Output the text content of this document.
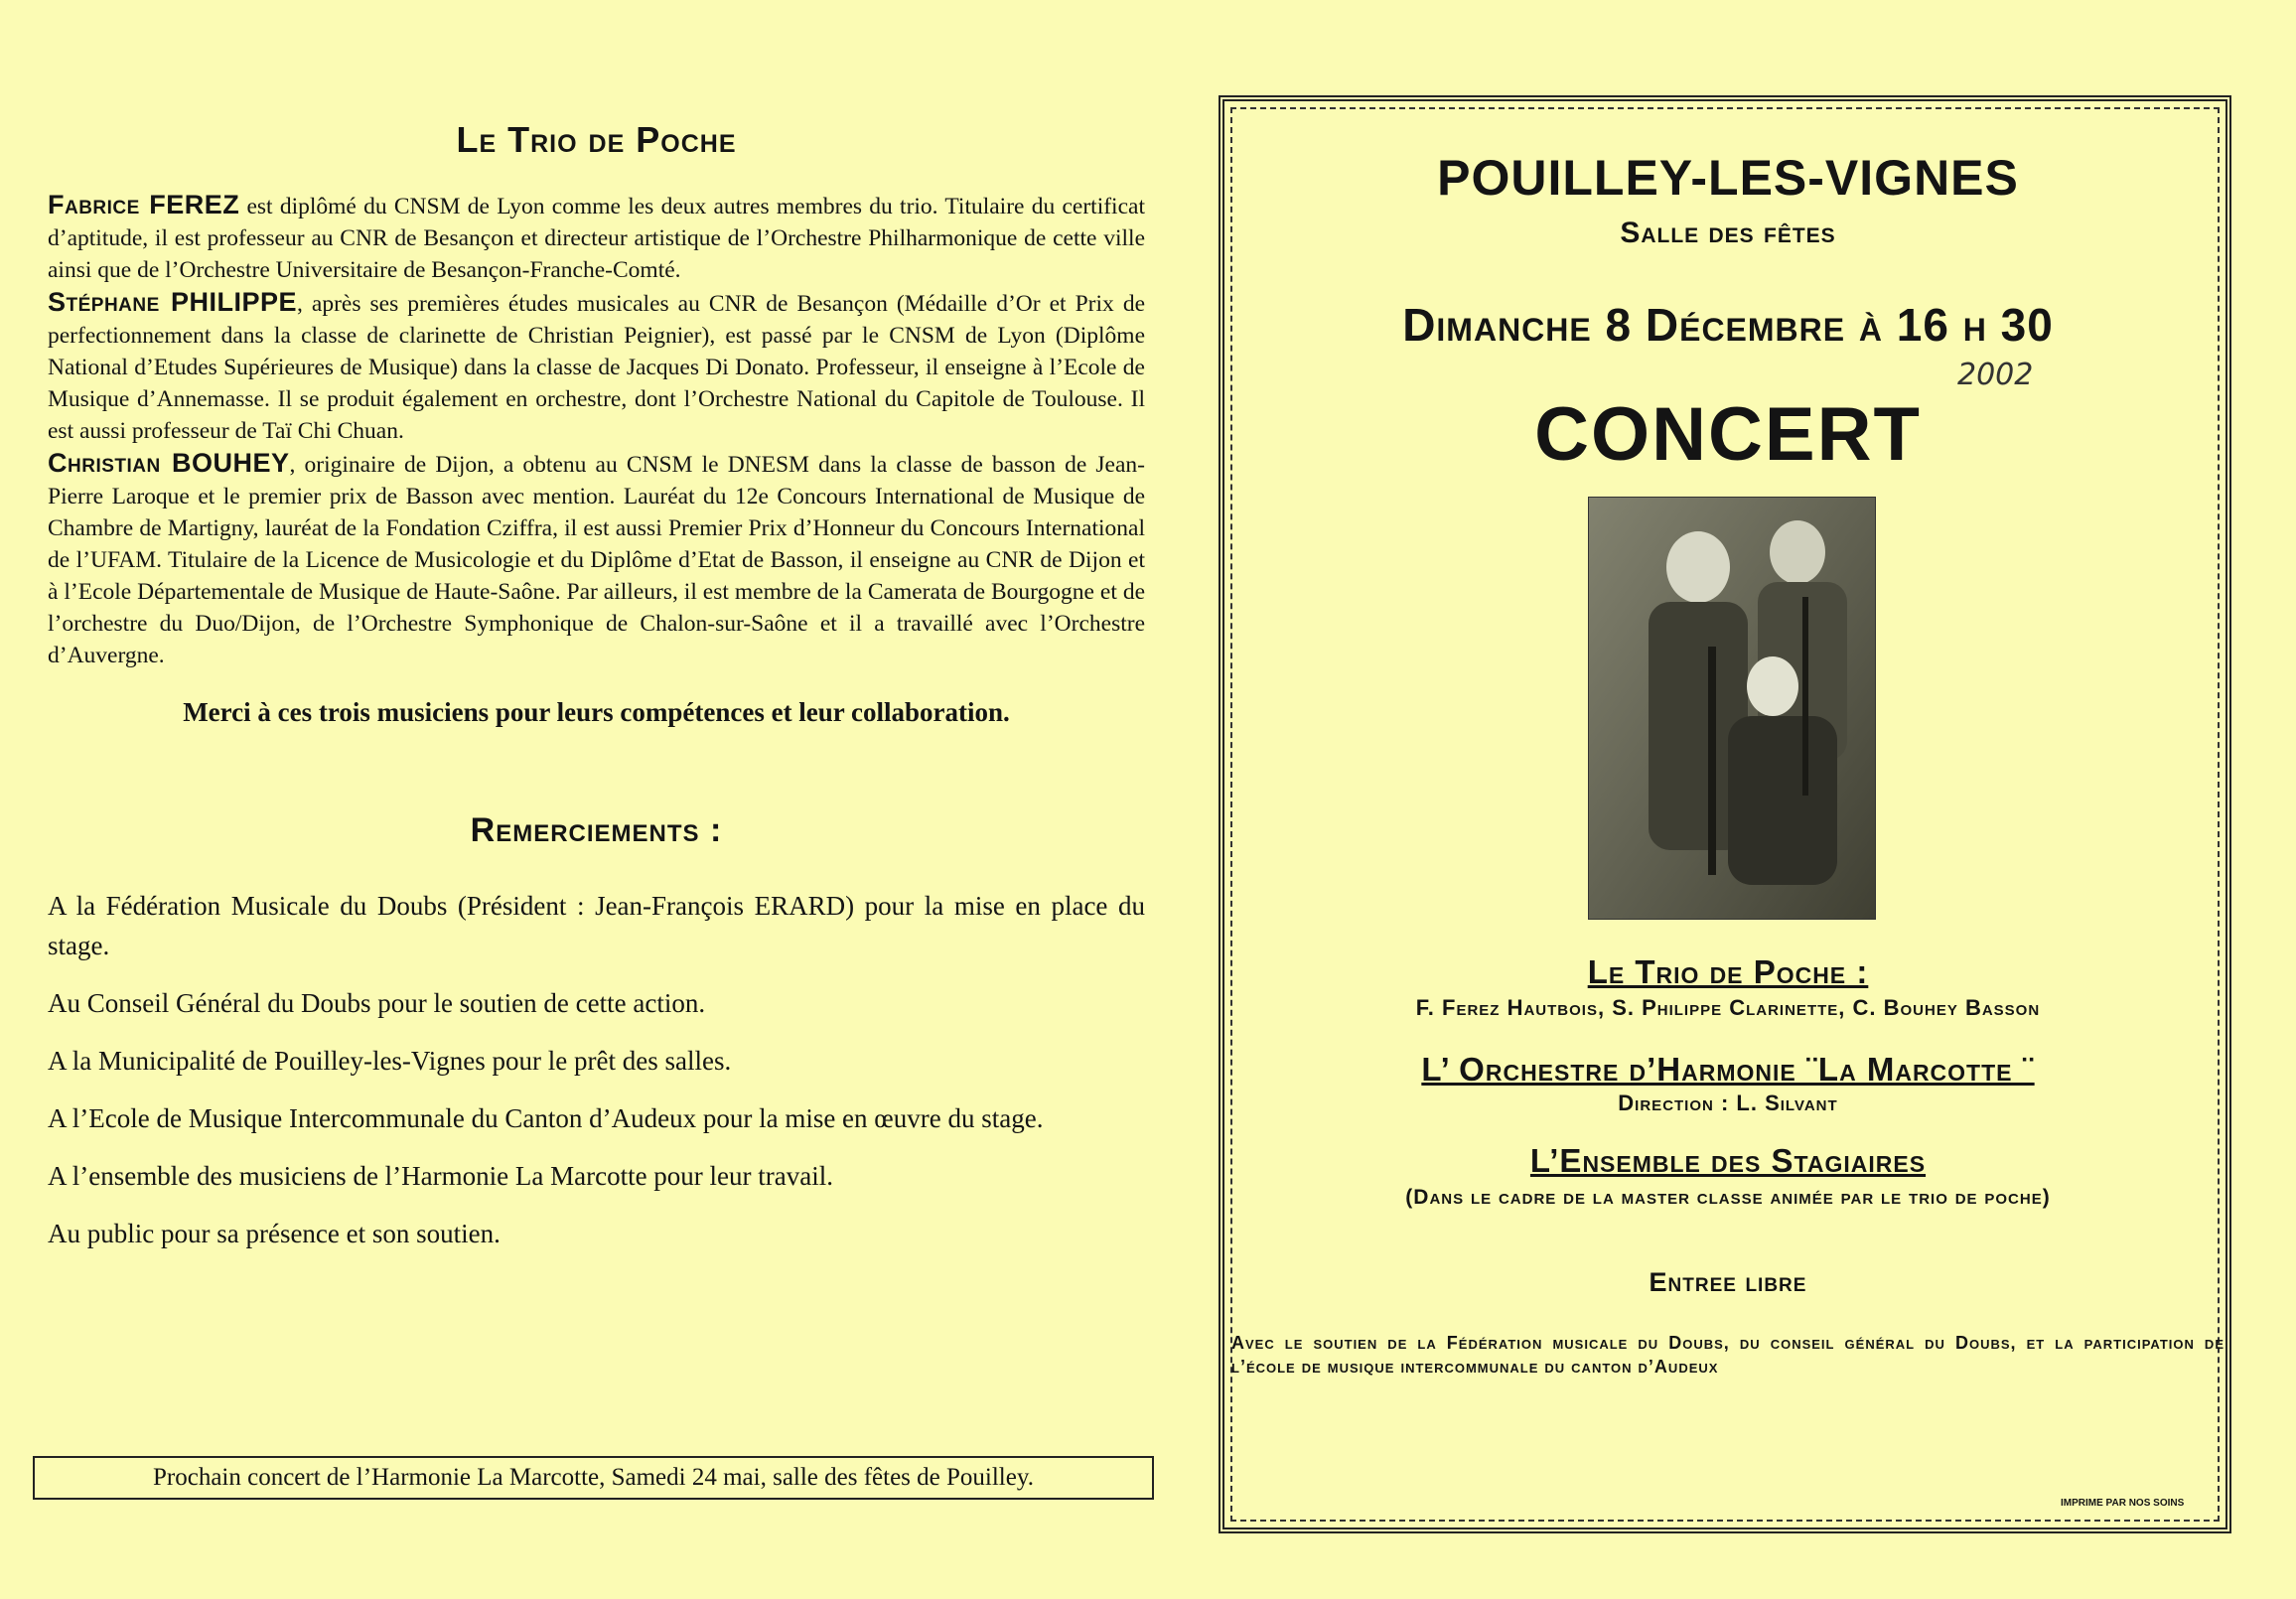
Le Trio de Poche

Fabrice FEREZ est diplômé du CNSM de Lyon comme les deux autres membres du trio. Titulaire du certificat d’aptitude, il est professeur au CNR de Besançon et directeur artistique de l’Orchestre Philharmonique de cette ville ainsi que de l’Orchestre Universitaire de Besançon-Franche-Comté.

Stéphane PHILIPPE, après ses premières études musicales au CNR de Besançon (Médaille d’Or et Prix de perfectionnement dans la classe de clarinette de Christian Peignier), est passé par le CNSM de Lyon (Diplôme National d’Etudes Supérieures de Musique) dans la classe de Jacques Di Donato. Professeur, il enseigne à l’Ecole de Musique d’Annemasse. Il se produit également en orchestre, dont l’Orchestre National du Capitole de Toulouse. Il est aussi professeur de Taï Chi Chuan.

Christian BOUHEY, originaire de Dijon, a obtenu au CNSM le DNESM dans la classe de basson de Jean-Pierre Laroque et le premier prix de Basson avec mention. Lauréat du 12e Concours International de Musique de Chambre de Martigny, lauréat de la Fondation Cziffra, il est aussi Premier Prix d’Honneur du Concours International de l’UFAM. Titulaire de la Licence de Musicologie et du Diplôme d’Etat de Basson, il enseigne au CNR de Dijon et à l’Ecole Départementale de Musique de Haute-Saône. Par ailleurs, il est membre de la Camerata de Bourgogne et de l’orchestre du Duo/Dijon, de l’Orchestre Symphonique de Chalon-sur-Saône et il a travaillé avec l’Orchestre d’Auvergne.

Merci à ces trois musiciens pour leurs compétences et leur collaboration.

Remerciements :

A la Fédération Musicale du Doubs (Président : Jean-François ERARD) pour la mise en place du stage.

Au Conseil Général du Doubs pour le soutien de cette action.

A la Municipalité de Pouilley-les-Vignes pour le prêt des salles.

A l’Ecole de Musique Intercommunale du Canton d’Audeux pour la mise en œuvre du stage.

A l’ensemble des musiciens de l’Harmonie La Marcotte pour leur travail.

Au public pour sa présence et son soutien.

Prochain concert de l’Harmonie La Marcotte, Samedi 24 mai, salle des fêtes de Pouilley.

POUILLEY-LES-VIGNES

Salle des fêtes

Dimanche 8 Décembre à 16 h 30

2002

CONCERT

Le Trio de Poche :

F. Ferez Hautbois, S. Philippe Clarinette, C. Bouhey Basson

L’ Orchestre d’Harmonie ¨La Marcotte ¨

Direction : L. Silvant

L’Ensemble des Stagiaires

(Dans le cadre de la master classe animée par le trio de poche)

Entree libre

Avec le soutien de la Fédération musicale du Doubs, du conseil général du Doubs, et la participation de l’école de musique intercommunale du canton d’Audeux
IMPRIME PAR NOS SOINS
